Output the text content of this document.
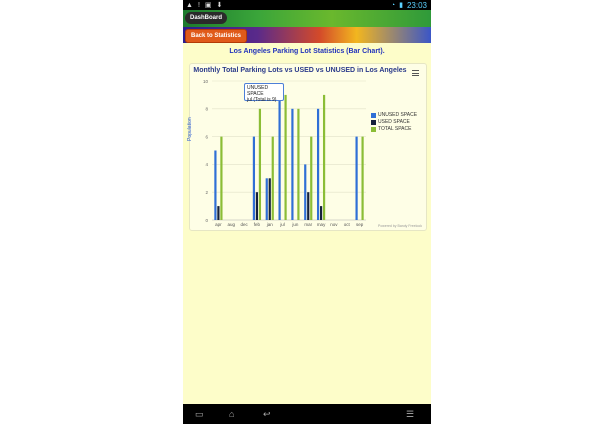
▲ ! ▣ ⬇	◔ ▮ 23:03
DashBoard
Back to Statistics
Los Angeles Parking Lot Statistics (Bar Chart).
Monthly Total Parking Lots vs USED vs UNUSED in Los Angeles
Population
apr aug dec feb jan jul jun mar may nov oct sep
0
2
4
6
8
10
UNUSED SPACE
jul (Total is 9)
UNUSED SPACE
USED SPACE
TOTAL SPACE
Powered by Bandy Freelook
▭	⌂	↩	☰
